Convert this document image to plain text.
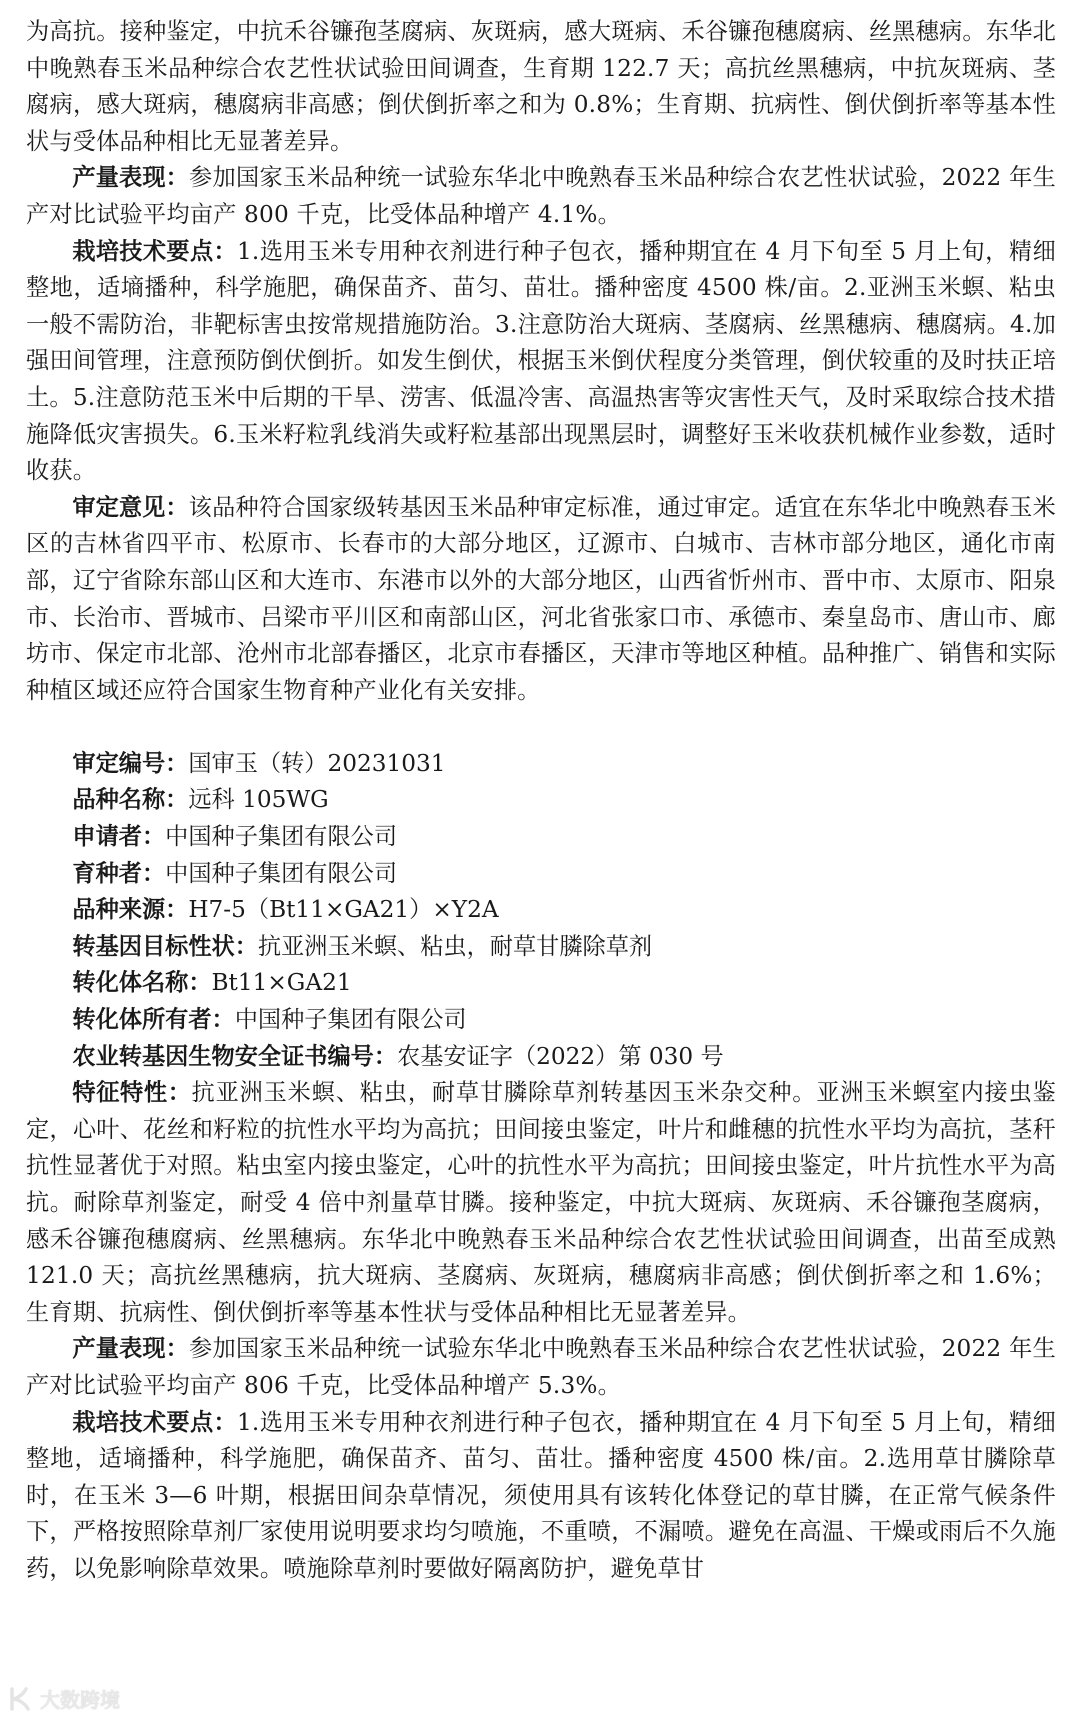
为高抗。接种鉴定，中抗禾谷镰孢茎腐病、灰斑病，感大斑病、禾谷镰孢穗腐病、丝黑穗病。东华北中晚熟春玉米品种综合农艺性状试验田间调查，生育期 122.7 天；高抗丝黑穗病，中抗灰斑病、茎腐病，感大斑病，穗腐病非高感；倒伏倒折率之和为 0.8%；生育期、抗病性、倒伏倒折率等基本性状与受体品种相比无显著差异。

产量表现：参加国家玉米品种统一试验东华北中晚熟春玉米品种综合农艺性状试验，2022 年生产对比试验平均亩产 800 千克，比受体品种增产 4.1%。

栽培技术要点：1.选用玉米专用种衣剂进行种子包衣，播种期宜在 4 月下旬至 5 月上旬，精细整地，适墒播种，科学施肥，确保苗齐、苗匀、苗壮。播种密度 4500 株/亩。2.亚洲玉米螟、粘虫一般不需防治，非靶标害虫按常规措施防治。3.注意防治大斑病、茎腐病、丝黑穗病、穗腐病。4.加强田间管理，注意预防倒伏倒折。如发生倒伏，根据玉米倒伏程度分类管理，倒伏较重的及时扶正培土。5.注意防范玉米中后期的干旱、涝害、低温冷害、高温热害等灾害性天气，及时采取综合技术措施降低灾害损失。6.玉米籽粒乳线消失或籽粒基部出现黑层时，调整好玉米收获机械作业参数，适时收获。

审定意见：该品种符合国家级转基因玉米品种审定标准，通过审定。适宜在东华北中晚熟春玉米区的吉林省四平市、松原市、长春市的大部分地区，辽源市、白城市、吉林市部分地区，通化市南部，辽宁省除东部山区和大连市、东港市以外的大部分地区，山西省忻州市、晋中市、太原市、阳泉市、长治市、晋城市、吕梁市平川区和南部山区，河北省张家口市、承德市、秦皇岛市、唐山市、廊坊市、保定市北部、沧州市北部春播区，北京市春播区，天津市等地区种植。品种推广、销售和实际种植区域还应符合国家生物育种产业化有关安排。

审定编号：国审玉（转）20231031

品种名称：远科 105WG

申请者：中国种子集团有限公司

育种者：中国种子集团有限公司

品种来源：H7-5（Bt11×GA21）×Y2A

转基因目标性状：抗亚洲玉米螟、粘虫，耐草甘膦除草剂

转化体名称：Bt11×GA21

转化体所有者：中国种子集团有限公司

农业转基因生物安全证书编号：农基安证字（2022）第 030 号

特征特性：抗亚洲玉米螟、粘虫，耐草甘膦除草剂转基因玉米杂交种。亚洲玉米螟室内接虫鉴定，心叶、花丝和籽粒的抗性水平均为高抗；田间接虫鉴定，叶片和雌穗的抗性水平均为高抗，茎秆抗性显著优于对照。粘虫室内接虫鉴定，心叶的抗性水平为高抗；田间接虫鉴定，叶片抗性水平为高抗。耐除草剂鉴定，耐受 4 倍中剂量草甘膦。接种鉴定，中抗大斑病、灰斑病、禾谷镰孢茎腐病，感禾谷镰孢穗腐病、丝黑穗病。东华北中晚熟春玉米品种综合农艺性状试验田间调查，出苗至成熟 121.0 天；高抗丝黑穗病，抗大斑病、茎腐病、灰斑病，穗腐病非高感；倒伏倒折率之和 1.6%；生育期、抗病性、倒伏倒折率等基本性状与受体品种相比无显著差异。

产量表现：参加国家玉米品种统一试验东华北中晚熟春玉米品种综合农艺性状试验，2022 年生产对比试验平均亩产 806 千克，比受体品种增产 5.3%。

栽培技术要点：1.选用玉米专用种衣剂进行种子包衣，播种期宜在 4 月下旬至 5 月上旬，精细整地，适墒播种，科学施肥，确保苗齐、苗匀、苗壮。播种密度 4500 株/亩。2.选用草甘膦除草时，在玉米 3—6 叶期，根据田间杂草情况，须使用具有该转化体登记的草甘膦，在正常气候条件下，严格按照除草剂厂家使用说明要求均匀喷施，不重喷，不漏喷。避免在高温、干燥或雨后不久施药，以免影响除草效果。喷施除草剂时要做好隔离防护，避免草甘

大数跨境
